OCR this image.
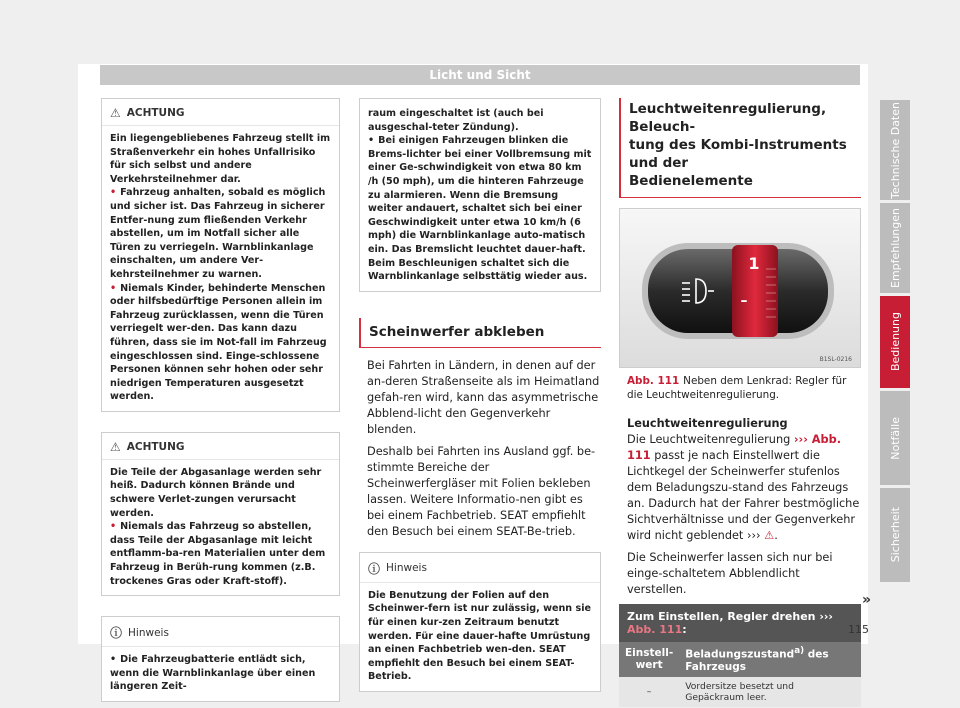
Licht und Sicht
⚠ ACHTUNG

Ein liegengebliebenes Fahrzeug stellt im Straßenverkehr ein hohes Unfallrisiko für sich selbst und andere Verkehrsteilnehmer dar.

• Fahrzeug anhalten, sobald es möglich und sicher ist. Das Fahrzeug in sicherer Entfer-nung zum fließenden Verkehr abstellen, um im Notfall sicher alle Türen zu verriegeln. Warnblinkanlage einschalten, um andere Ver-kehrsteilnehmer zu warnen.

• Niemals Kinder, behinderte Menschen oder hilfsbedürftige Personen allein im Fahrzeug zurücklassen, wenn die Türen verriegelt wer-den. Das kann dazu führen, dass sie im Not-fall im Fahrzeug eingeschlossen sind. Einge-schlossene Personen können sehr hohen oder sehr niedrigen Temperaturen ausgesetzt werden.

⚠ ACHTUNG

Die Teile der Abgasanlage werden sehr heiß. Dadurch können Brände und schwere Verlet-zungen verursacht werden.

• Niemals das Fahrzeug so abstellen, dass Teile der Abgasanlage mit leicht entflamm-ba-ren Materialien unter dem Fahrzeug in Berüh-rung kommen (z.B. trockenes Gras oder Kraft-stoff).

ⓘ Hinweis

• Die Fahrzeugbatterie entlädt sich, wenn die Warnblinkanlage über einen längeren Zeit-

raum eingeschaltet ist (auch bei ausgeschal-teter Zündung).

• Bei einigen Fahrzeugen blinken die Brems-lichter bei einer Vollbremsung mit einer Ge-schwindigkeit von etwa 80 km /h (50 mph), um die hinteren Fahrzeuge zu alarmieren. Wenn die Bremsung weiter andauert, schaltet sich bei einer Geschwindigkeit unter etwa 10 km/h (6 mph) die Warnblinkanlage auto-matisch ein. Das Bremslicht leuchtet dauer-haft. Beim Beschleunigen schaltet sich die Warnblinkanlage selbsttätig wieder aus.

Scheinwerfer abkleben

Bei Fahrten in Ländern, in denen auf der an-deren Straßenseite als im Heimatland gefah-ren wird, kann das asymmetrische Abblend-licht den Gegenverkehr blenden.

Deshalb bei Fahrten ins Ausland ggf. be-stimmte Bereiche der Scheinwerfergläser mit Folien bekleben lassen. Weitere Informatio-nen gibt es bei einem Fachbetrieb. SEAT empfiehlt den Besuch bei einem SEAT-Be-trieb.

ⓘ Hinweis

Die Benutzung der Folien auf den Scheinwer-fern ist nur zulässig, wenn sie für einen kur-zen Zeitraum benutzt werden. Für eine dauer-hafte Umrüstung an einen Fachbetrieb wen-den. SEAT empfiehlt den Besuch bei einem SEAT-Betrieb.

Leuchtweitenregulierung, Beleuch-
tung des Kombi-Instruments und der
Bedienelemente
1
–
B1SL-0216
Abb. 111 Neben dem Lenkrad: Regler für die Leuchtweitenregulierung.
Leuchtweitenregulierung

Die Leuchtweitenregulierung ››› Abb. 111 passt je nach Einstellwert die Lichtkegel der Scheinwerfer stufenlos dem Beladungszu-stand des Fahrzeugs an. Dadurch hat der Fahrer bestmögliche Sichtverhältnisse und der Gegenverkehr wird nicht geblendet ››› ⚠.

Die Scheinwerfer lassen sich nur bei einge-schaltetem Abblendlicht verstellen.

Zum Einstellen, Regler drehen ››› Abb. 111:	
Einstell-wert	Beladungszustand$^{a)}$ des Fahrzeugs
–	Vordersitze besetzt und Gepäckraum leer.
»
115
Technische Daten
Empfehlungen
Bedienung
Notfälle
Sicherheit
